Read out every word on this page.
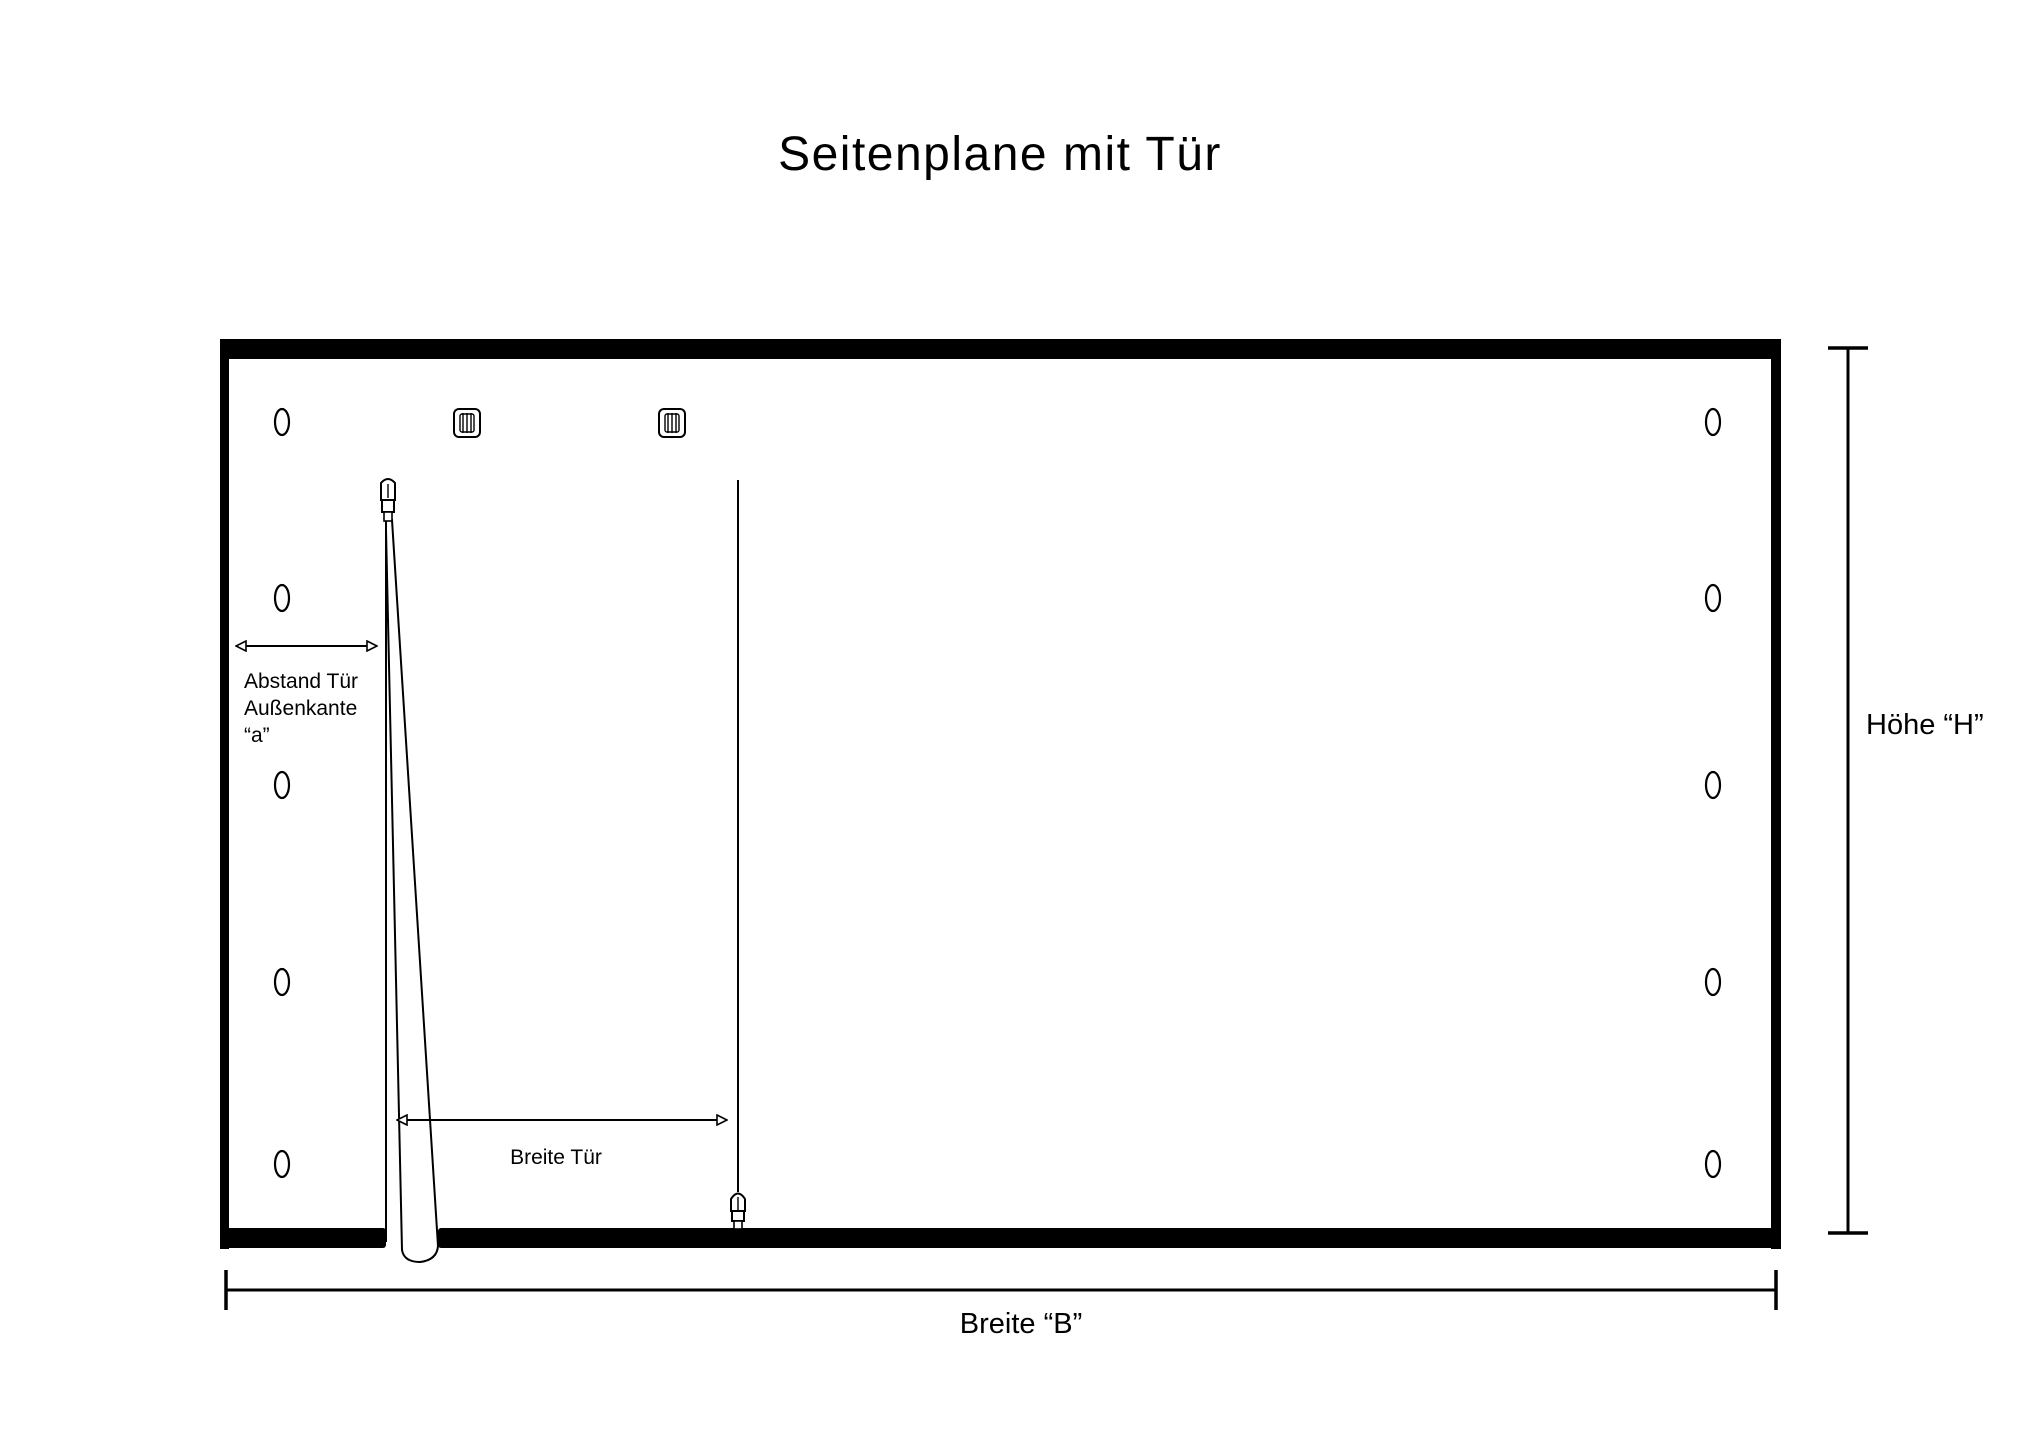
Seitenplane mit Tür
Abstand Tür Außenkante “a”
Breite Tür
Höhe “H”
Breite “B”
